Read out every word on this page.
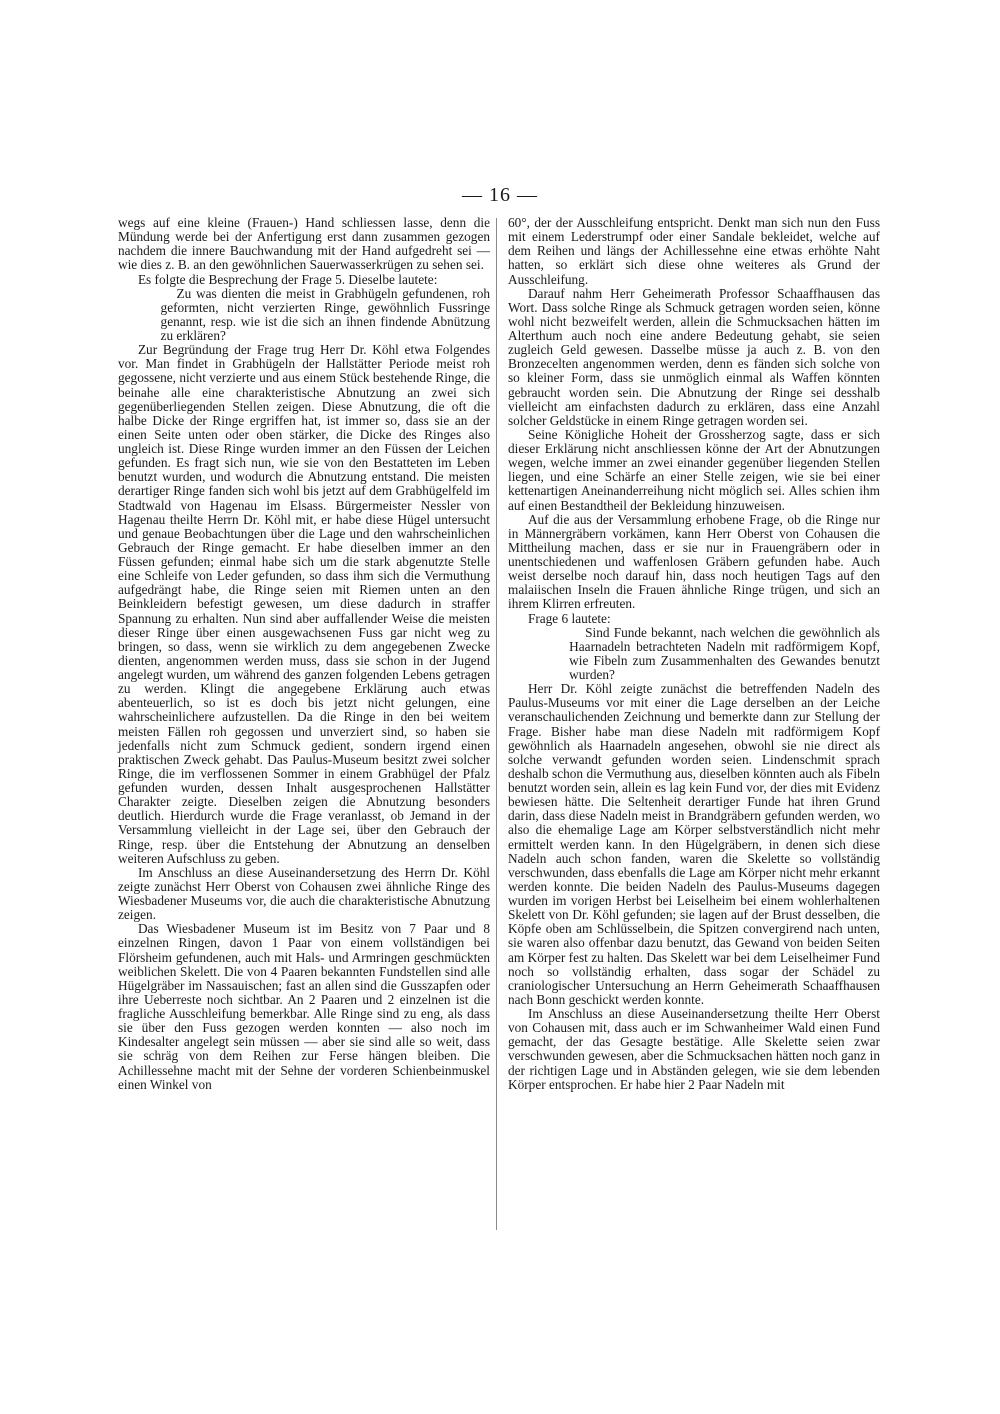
— 16 —

wegs auf eine kleine (Frauen-) Hand schliessen lasse, denn die Mündung werde bei der Anfertigung erst dann zusammen gezogen nachdem die innere Bauchwandung mit der Hand aufgedreht sei — wie dies z. B. an den gewöhnlichen Sauerwasserkrügen zu sehen sei.

Es folgte die Besprechung der Frage 5. Dieselbe lautete:

Zu was dienten die meist in Grabhügeln gefundenen, roh geformten, nicht verzierten Ringe, gewöhnlich Fussringe genannt, resp. wie ist die sich an ihnen findende Abnützung zu erklären?

Zur Begründung der Frage trug Herr Dr. Köhl etwa Folgendes vor. Man findet in Grabhügeln der Hallstätter Periode meist roh gegossene, nicht verzierte und aus einem Stück bestehende Ringe, die beinahe alle eine charakteristische Abnutzung an zwei sich gegenüberliegenden Stellen zeigen. Diese Abnutzung, die oft die halbe Dicke der Ringe ergriffen hat, ist immer so, dass sie an der einen Seite unten oder oben stärker, die Dicke des Ringes also ungleich ist. Diese Ringe wurden immer an den Füssen der Leichen gefunden. Es fragt sich nun, wie sie von den Bestatteten im Leben benutzt wurden, und wodurch die Abnutzung entstand. Die meisten derartiger Ringe fanden sich wohl bis jetzt auf dem Grabhügelfeld im Stadtwald von Hagenau im Elsass. Bürgermeister Nessler von Hagenau theilte Herrn Dr. Köhl mit, er habe diese Hügel untersucht und genaue Beobachtungen über die Lage und den wahrscheinlichen Gebrauch der Ringe gemacht. Er habe dieselben immer an den Füssen gefunden; einmal habe sich um die stark abgenutzte Stelle eine Schleife von Leder gefunden, so dass ihm sich die Vermuthung aufgedrängt habe, die Ringe seien mit Riemen unten an den Beinkleidern befestigt gewesen, um diese dadurch in straffer Spannung zu erhalten. Nun sind aber auffallender Weise die meisten dieser Ringe über einen ausgewachsenen Fuss gar nicht weg zu bringen, so dass, wenn sie wirklich zu dem angegebenen Zwecke dienten, angenommen werden muss, dass sie schon in der Jugend angelegt wurden, um während des ganzen folgenden Lebens getragen zu werden. Klingt die angegebene Erklärung auch etwas abenteuerlich, so ist es doch bis jetzt nicht gelungen, eine wahrscheinlichere aufzustellen. Da die Ringe in den bei weitem meisten Fällen roh gegossen und unverziert sind, so haben sie jedenfalls nicht zum Schmuck gedient, sondern irgend einen praktischen Zweck gehabt. Das Paulus-Museum besitzt zwei solcher Ringe, die im verflossenen Sommer in einem Grabhügel der Pfalz gefunden wurden, dessen Inhalt ausgesprochenen Hallstätter Charakter zeigte. Dieselben zeigen die Abnutzung besonders deutlich. Hierdurch wurde die Frage veranlasst, ob Jemand in der Versammlung vielleicht in der Lage sei, über den Gebrauch der Ringe, resp. über die Entstehung der Abnutzung an denselben weiteren Aufschluss zu geben.

Im Anschluss an diese Auseinandersetzung des Herrn Dr. Köhl zeigte zunächst Herr Oberst von Cohausen zwei ähnliche Ringe des Wiesbadener Museums vor, die auch die charakteristische Abnutzung zeigen.

Das Wiesbadener Museum ist im Besitz von 7 Paar und 8 einzelnen Ringen, davon 1 Paar von einem vollständigen bei Flörsheim gefundenen, auch mit Hals- und Armringen geschmückten weiblichen Skelett. Die von 4 Paaren bekannten Fundstellen sind alle Hügelgräber im Nassauischen; fast an allen sind die Gusszapfen oder ihre Ueberreste noch sichtbar. An 2 Paaren und 2 einzelnen ist die fragliche Ausschleifung bemerkbar. Alle Ringe sind zu eng, als dass sie über den Fuss gezogen werden konnten — also noch im Kindesalter angelegt sein müssen — aber sie sind alle so weit, dass sie schräg von dem Reihen zur Ferse hängen bleiben. Die Achillessehne macht mit der Sehne der vorderen Schienbeinmuskel einen Winkel von

60°, der der Ausschleifung entspricht. Denkt man sich nun den Fuss mit einem Lederstrumpf oder einer Sandale bekleidet, welche auf dem Reihen und längs der Achillessehne eine etwas erhöhte Naht hatten, so erklärt sich diese ohne weiteres als Grund der Ausschleifung.

Darauf nahm Herr Geheimerath Professor Schaaffhausen das Wort. Dass solche Ringe als Schmuck getragen worden seien, könne wohl nicht bezweifelt werden, allein die Schmucksachen hätten im Alterthum auch noch eine andere Bedeutung gehabt, sie seien zugleich Geld gewesen. Dasselbe müsse ja auch z. B. von den Bronzecelten angenommen werden, denn es fänden sich solche von so kleiner Form, dass sie unmöglich einmal als Waffen könnten gebraucht worden sein. Die Abnutzung der Ringe sei desshalb vielleicht am einfachsten dadurch zu erklären, dass eine Anzahl solcher Geldstücke in einem Ringe getragen worden sei.

Seine Königliche Hoheit der Grossherzog sagte, dass er sich dieser Erklärung nicht anschliessen könne der Art der Abnutzungen wegen, welche immer an zwei einander gegenüber liegenden Stellen liegen, und eine Schärfe an einer Stelle zeigen, wie sie bei einer kettenartigen Aneinanderreihung nicht möglich sei. Alles schien ihm auf einen Bestandtheil der Bekleidung hinzuweisen.

Auf die aus der Versammlung erhobene Frage, ob die Ringe nur in Männergräbern vorkämen, kann Herr Oberst von Cohausen die Mittheilung machen, dass er sie nur in Frauengräbern oder in unentschiedenen und waffenlosen Gräbern gefunden habe. Auch weist derselbe noch darauf hin, dass noch heutigen Tags auf den malaiischen Inseln die Frauen ähnliche Ringe trügen, und sich an ihrem Klirren erfreuten.

Frage 6 lautete:

Sind Funde bekannt, nach welchen die gewöhnlich als Haarnadeln betrachteten Nadeln mit radförmigem Kopf, wie Fibeln zum Zusammenhalten des Gewandes benutzt wurden?

Herr Dr. Köhl zeigte zunächst die betreffenden Nadeln des Paulus-Museums vor mit einer die Lage derselben an der Leiche veranschaulichenden Zeichnung und bemerkte dann zur Stellung der Frage. Bisher habe man diese Nadeln mit radförmigem Kopf gewöhnlich als Haarnadeln angesehen, obwohl sie nie direct als solche verwandt gefunden worden seien. Lindenschmit sprach deshalb schon die Vermuthung aus, dieselben könnten auch als Fibeln benutzt worden sein, allein es lag kein Fund vor, der dies mit Evidenz bewiesen hätte. Die Seltenheit derartiger Funde hat ihren Grund darin, dass diese Nadeln meist in Brandgräbern gefunden werden, wo also die ehemalige Lage am Körper selbstverständlich nicht mehr ermittelt werden kann. In den Hügelgräbern, in denen sich diese Nadeln auch schon fanden, waren die Skelette so vollständig verschwunden, dass ebenfalls die Lage am Körper nicht mehr erkannt werden konnte. Die beiden Nadeln des Paulus-Museums dagegen wurden im vorigen Herbst bei Leiselheim bei einem wohlerhaltenen Skelett von Dr. Köhl gefunden; sie lagen auf der Brust desselben, die Köpfe oben am Schlüsselbein, die Spitzen convergirend nach unten, sie waren also offenbar dazu benutzt, das Gewand von beiden Seiten am Körper fest zu halten. Das Skelett war bei dem Leiselheimer Fund noch so vollständig erhalten, dass sogar der Schädel zu craniologischer Untersuchung an Herrn Geheimerath Schaaffhausen nach Bonn geschickt werden konnte.

Im Anschluss an diese Auseinandersetzung theilte Herr Oberst von Cohausen mit, dass auch er im Schwanheimer Wald einen Fund gemacht, der das Gesagte bestätige. Alle Skelette seien zwar verschwunden gewesen, aber die Schmucksachen hätten noch ganz in der richtigen Lage und in Abständen gelegen, wie sie dem lebenden Körper entsprochen. Er habe hier 2 Paar Nadeln mit
